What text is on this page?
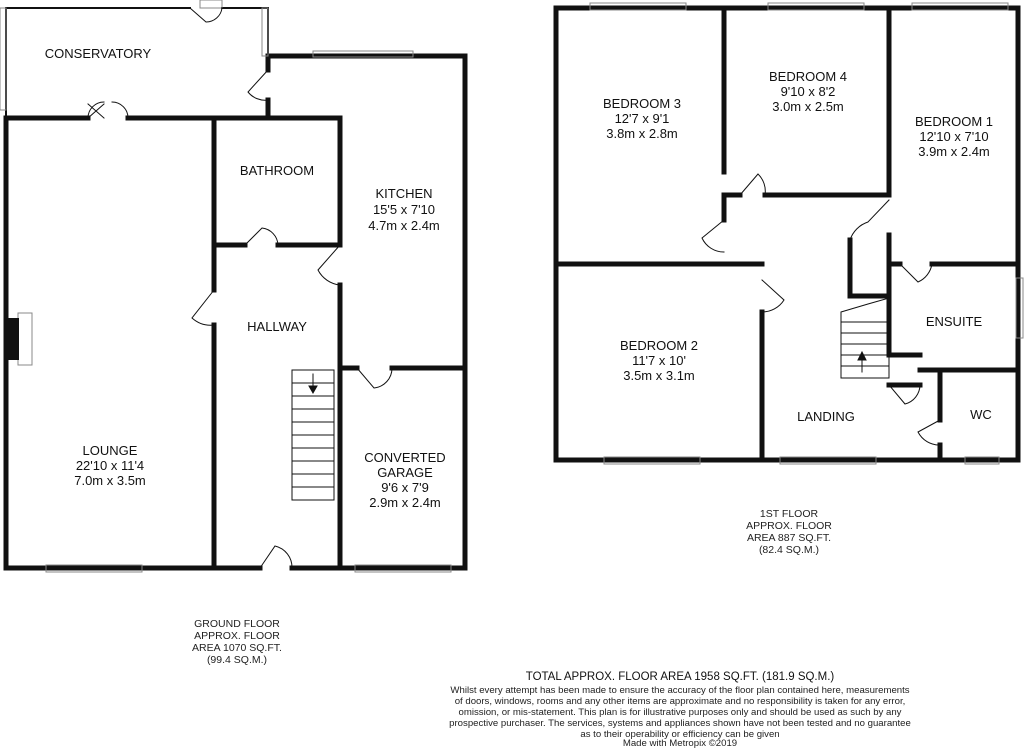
CONSERVATORY
BATHROOM
KITCHEN
15'5 x 7'10
4.7m x 2.4m
HALLWAY
LOUNGE
22'10 x 11'4
7.0m x 3.5m
CONVERTED
GARAGE
9'6 x 7'9
2.9m x 2.4m
BEDROOM 3
12'7 x 9'1
3.8m x 2.8m
BEDROOM 4
9'10 x 8'2
3.0m x 2.5m
BEDROOM 1
12'10 x 7'10
3.9m x 2.4m
BEDROOM 2
11'7 x 10'
3.5m x 3.1m
ENSUITE
LANDING	WC
GROUND FLOOR
APPROX. FLOOR
AREA 1070 SQ.FT.
(99.4 SQ.M.)
1ST FLOOR
APPROX. FLOOR
AREA 887 SQ.FT.
(82.4 SQ.M.)
TOTAL APPROX. FLOOR AREA 1958 SQ.FT. (181.9 SQ.M.)
Whilst every attempt has been made to ensure the accuracy of the floor plan contained here, measurements
of doors, windows, rooms and any other items are approximate and no responsibility is taken for any error,
omission, or mis-statement. This plan is for illustrative purposes only and should be used as such by any
prospective purchaser. The services, systems and appliances shown have not been tested and no guarantee
as to their operability or efficiency can be given
Made with Metropix ©2019
